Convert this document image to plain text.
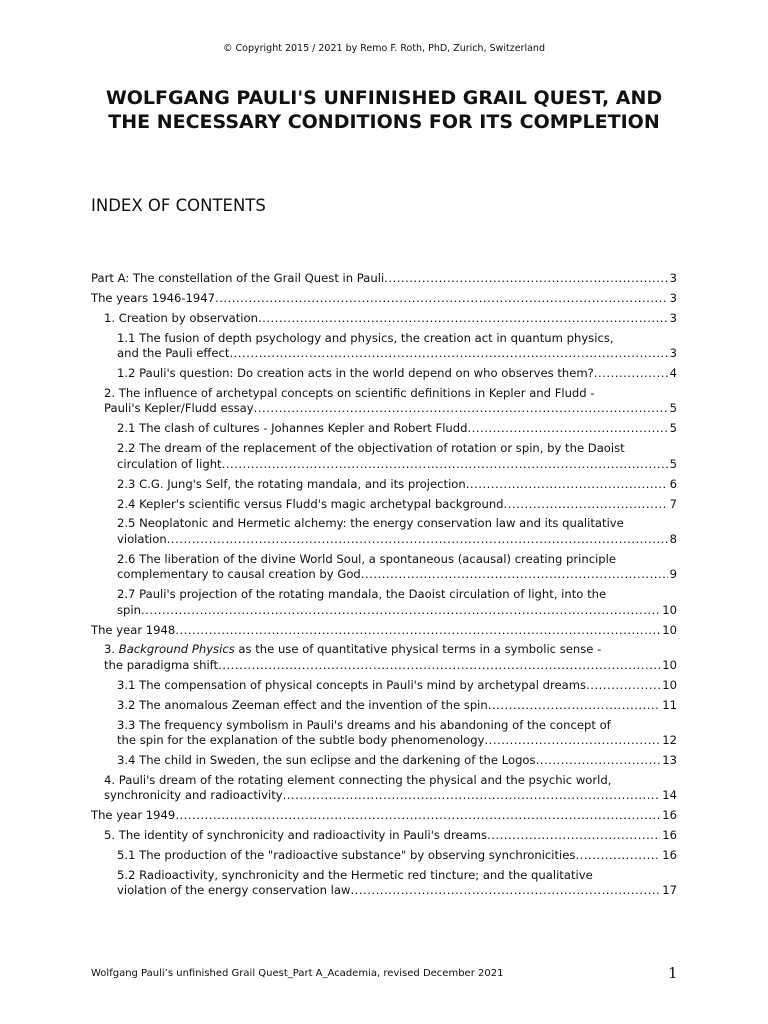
© Copyright 2015 / 2021 by Remo F. Roth, PhD, Zurich, Switzerland
WOLFGANG PAULI'S UNFINISHED GRAIL QUEST, AND THE NECESSARY CONDITIONS FOR ITS COMPLETION
INDEX OF CONTENTS
Part A: The constellation of the Grail Quest in Pauli .....	3
The years 1946-1947 .....	3
1. Creation by observation .....	3
1.1 The fusion of depth psychology and physics, the creation act in quantum physics,
and the Pauli effect .....	3
1.2 Pauli's question: Do creation acts in the world depend on who observes them? .....	4
2. The influence of archetypal concepts on scientific definitions in Kepler and Fludd -
Pauli's Kepler/Fludd essay .....	5
2.1 The clash of cultures - Johannes Kepler and Robert Fludd .....	5
2.2 The dream of the replacement of the objectivation of rotation or spin, by the Daoist
circulation of light .....	5
2.3 C.G. Jung's Self, the rotating mandala, and its projection .....	6
2.4 Kepler's scientific versus Fludd's magic archetypal background .....	7
2.5 Neoplatonic and Hermetic alchemy: the energy conservation law and its qualitative
violation .....	8
2.6 The liberation of the divine World Soul, a spontaneous (acausal) creating principle
complementary to causal creation by God .....	9
2.7 Pauli's projection of the rotating mandala, the Daoist circulation of light, into the
spin .....	10
The year 1948 .....	10
3. Background Physics as the use of quantitative physical terms in a symbolic sense -
the paradigma shift .....	10
3.1 The compensation of physical concepts in Pauli's mind by archetypal dreams .....	10
3.2 The anomalous Zeeman effect and the invention of the spin .....	11
3.3 The frequency symbolism in Pauli's dreams and his abandoning of the concept of
the spin for the explanation of the subtle body phenomenology .....	12
3.4 The child in Sweden, the sun eclipse and the darkening of the Logos .....	13
4. Pauli's dream of the rotating element connecting the physical and the psychic world,
synchronicity and radioactivity .....	14
The year 1949 .....	16
5. The identity of synchronicity and radioactivity in Pauli's dreams .....	16
5.1 The production of the "radioactive substance" by observing synchronicities .....	16
5.2 Radioactivity, synchronicity and the Hermetic red tincture; and the qualitative
violation of the energy conservation law .....	17
Wolfgang Pauli’s unfinished Grail Quest_Part A_Academia, revised December 2021	1
